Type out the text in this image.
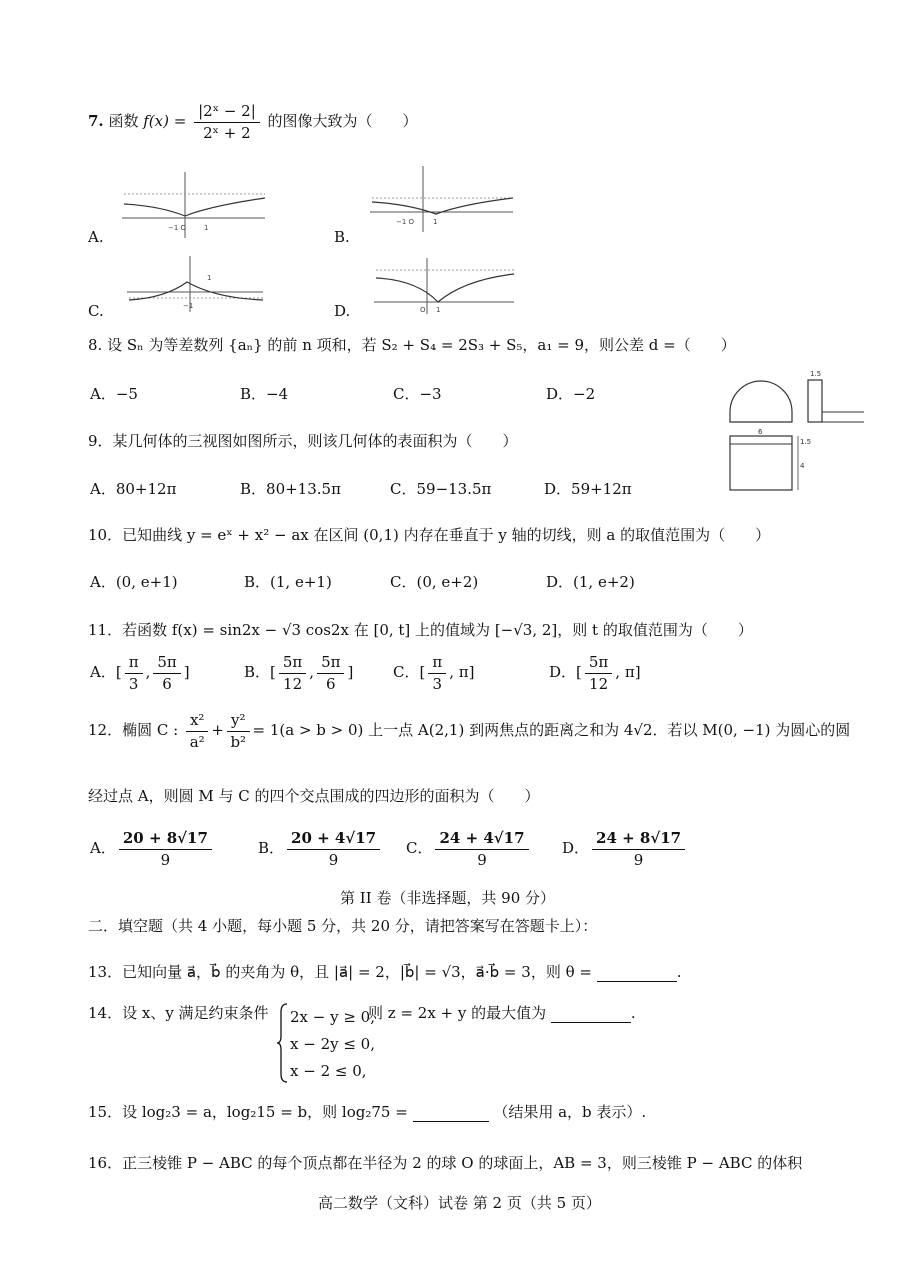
7. 函数 $f(x) = \frac{\text{|2ˣ − 2|}}{\text{2ˣ + 2}}$ 的图像大致为（　　）
−1 O	1
A.
−1 O	1
B.
−1
1
C.	O 1
D.
8. 设 Sₙ 为等差数列 {aₙ} 的前 n 项和，若 S₂ + S₄ = 2S₃ + S₅，a₁ = 9，则公差 d =（　　）
A．−5	B．−4	C．−3	D．−2
1.5
6
1.5
4
9．某几何体的三视图如图所示，则该几何体的表面积为（　　）
A．80+12π	B．80+13.5π	C．59−13.5π	D．59+12π
10．已知曲线 y = eˣ + x² − ax 在区间 (0,1) 内存在垂直于 y 轴的切线，则 a 的取值范围为（　　）
A．(0, e+1)	B．(1, e+1)	C．(0, e+2)	D．(1, e+2)
11．若函数 f(x) = sin2x − √3 cos2x 在 [0, t] 上的值域为 [−√3, 2]，则 t 的取值范围为（　　）
A．[ $\frac{\pi}{3}$ , $\frac{5\pi}{6}$ ]	B．[ $\frac{5\pi}{12}$ , $\frac{5\pi}{6}$ ]	C．[ $\frac{\pi}{3}$ , π]	D．[ $\frac{5\pi}{12}$ , π]
12．椭圆 C : $\frac{\text{x²}}{\text{a²}} + \frac{\text{y²}}{\text{b²}} = 1(a > b > 0)$ 上一点 A(2,1) 到两焦点的距离之和为 4√2．若以 M(0, −1) 为圆心的圆
经过点 A，则圆 M 与 C 的四个交点围成的四边形的面积为（　　）
A． $\frac{20 + 8√17}{9}$	B． $\frac{20 + 4√17}{9}$ C． $\frac{24 + 4√17}{9}$ D． $\frac{24 + 8√17}{9}$
第 II 卷（非选择题，共 90 分）
二．填空题（共 4 小题，每小题 5 分，共 20 分，请把答案写在答题卡上）：
13．已知向量 a⃗，b⃗ 的夹角为 θ，且 |a⃗| = 2，|b⃗| = √3，a⃗·b⃗ = 3，则 θ =	.
14．设 x、y 满足约束条件 2x − y ≥ 0,
x − 2y ≤ 0,
x − 2 ≤ 0,
则 z = 2x + y 的最大值为	.
15．设 log₂3 = a，log₂15 = b，则 log₂75 =	（结果用 a，b 表示）.
16．正三棱锥 P − ABC 的每个顶点都在半径为 2 的球 O 的球面上，AB = 3，则三棱锥 P − ABC 的体积
高二数学（文科）试卷 第 2 页（共 5 页）
